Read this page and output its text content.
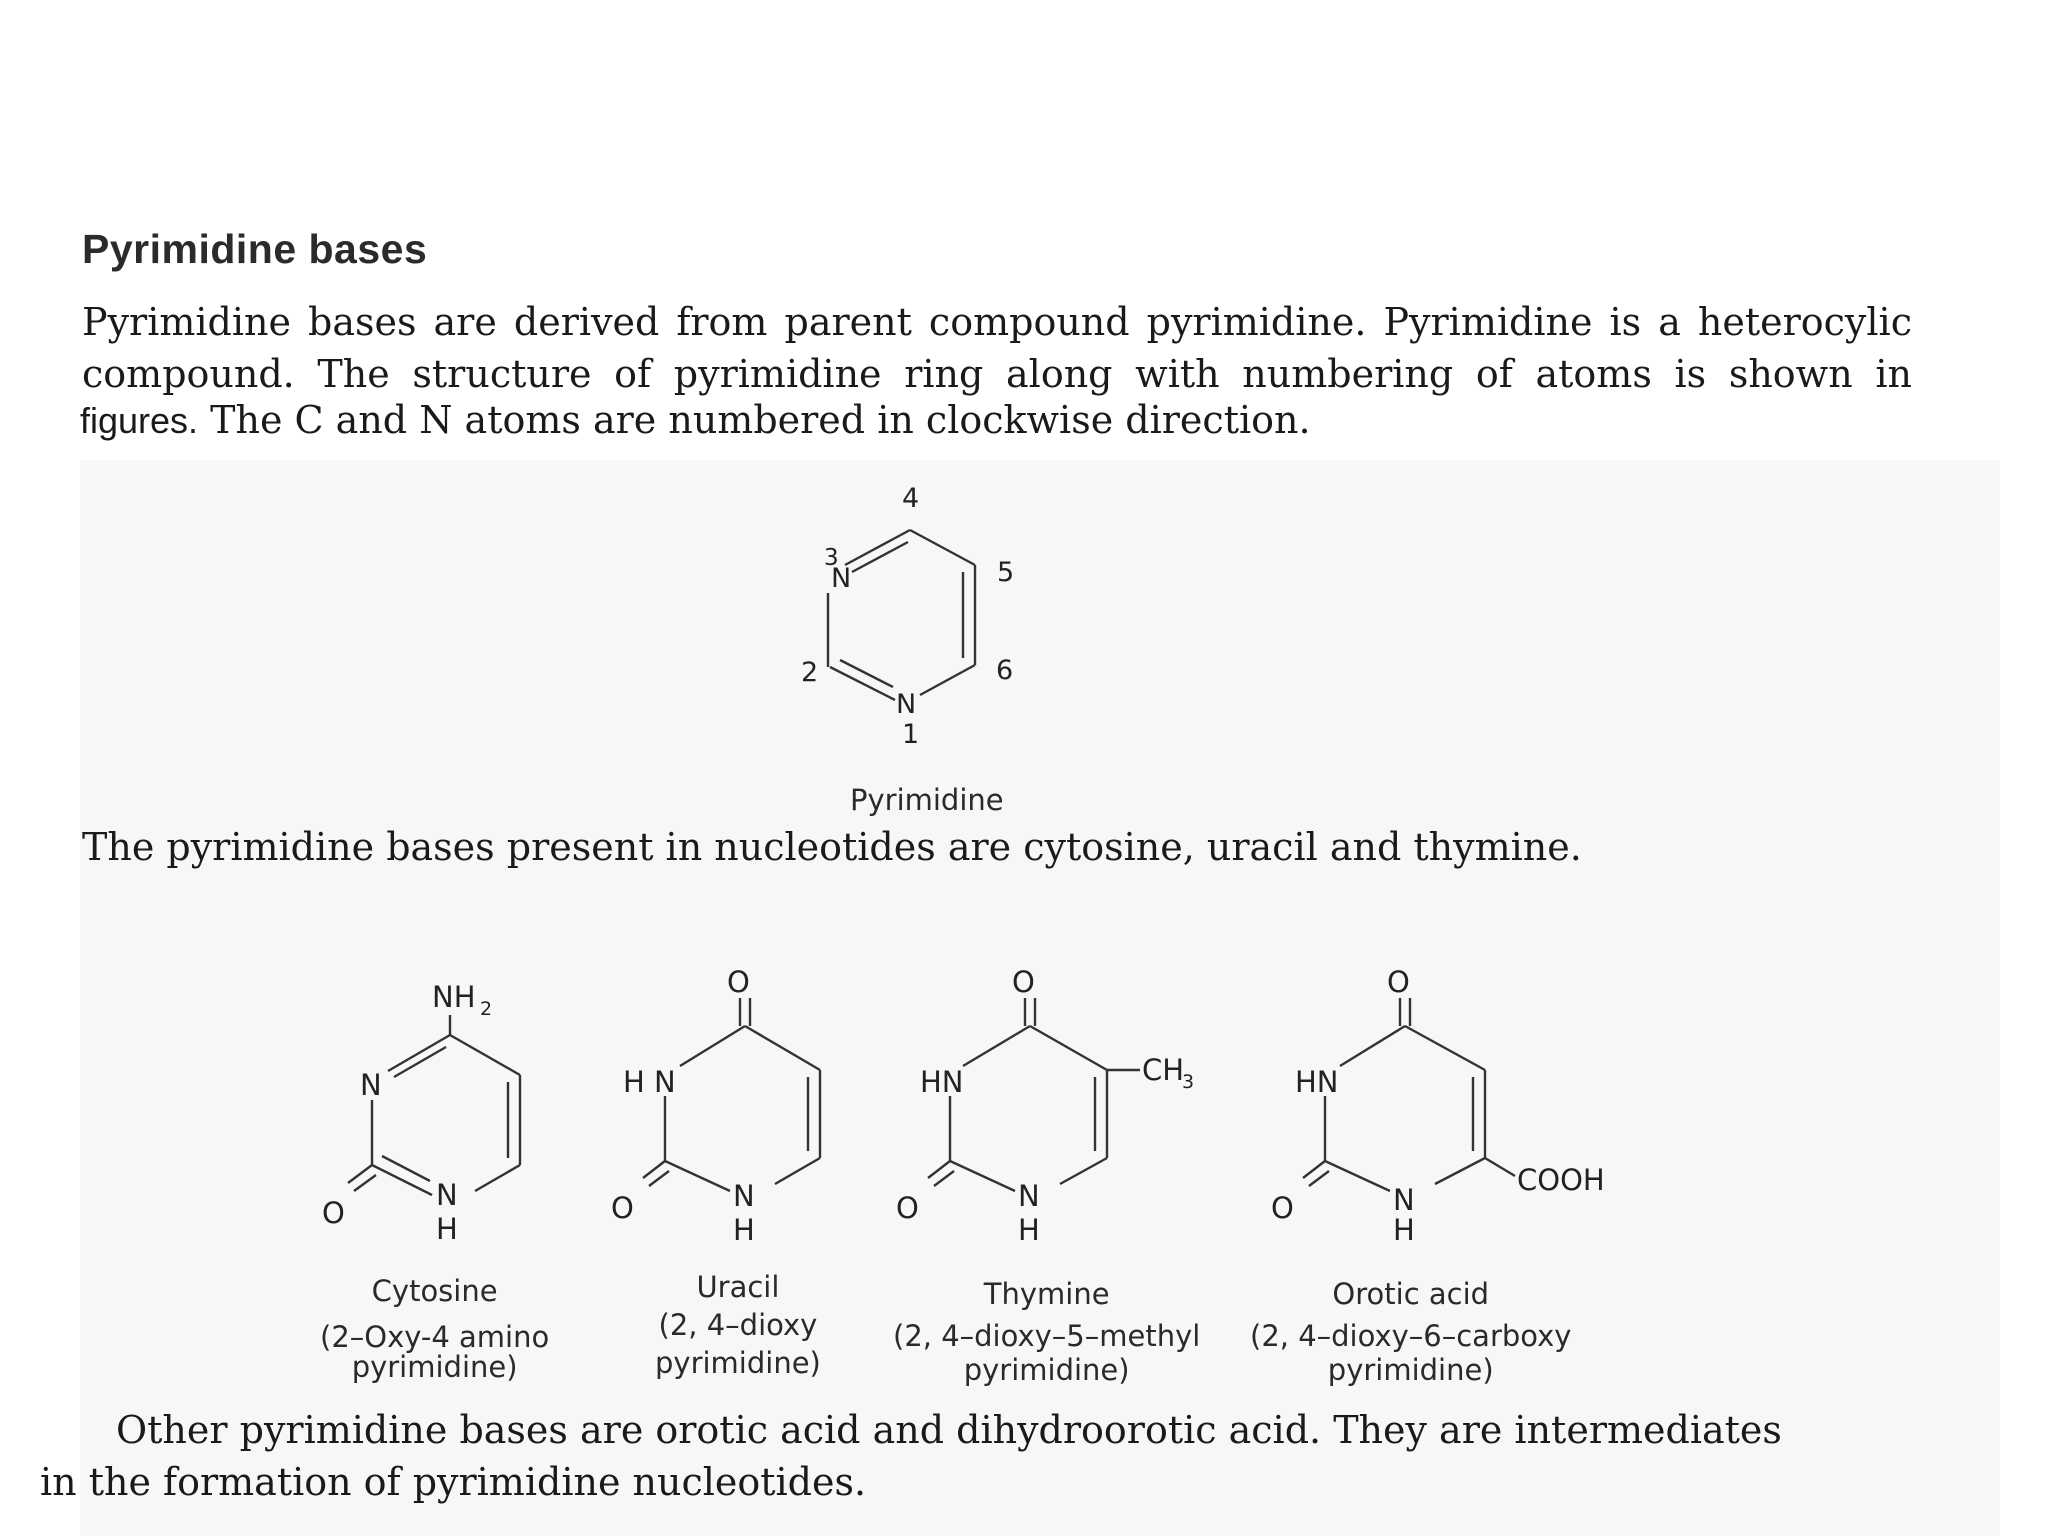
Pyrimidine bases

Pyrimidine bases are derived from parent compound pyrimidine. Pyrimidine is a heterocylic

compound. The structure of pyrimidine ring along with numbering of atoms is shown in

figures. The C and N atoms are numbered in clockwise direction.

4
3
N	5
2	6
N
1

Pyrimidine

The pyrimidine bases present in nucleotides are cytosine, uracil and thymine.

NH 2
N
N
H
O

Cytosine
(2–Oxy-4 amino
pyrimidine)

O
H N
N
H
O

Uracil
(2, 4–dioxy
pyrimidine)

O
HN	CH
3
N
H
O

Thymine
(2, 4–dioxy–5–methyl
pyrimidine)

O
HN
COOH
N
H
O

Orotic acid
(2, 4–dioxy–6–carboxy
pyrimidine)

Other pyrimidine bases are orotic acid and dihydroorotic acid. They are intermediates

in the formation of pyrimidine nucleotides.
